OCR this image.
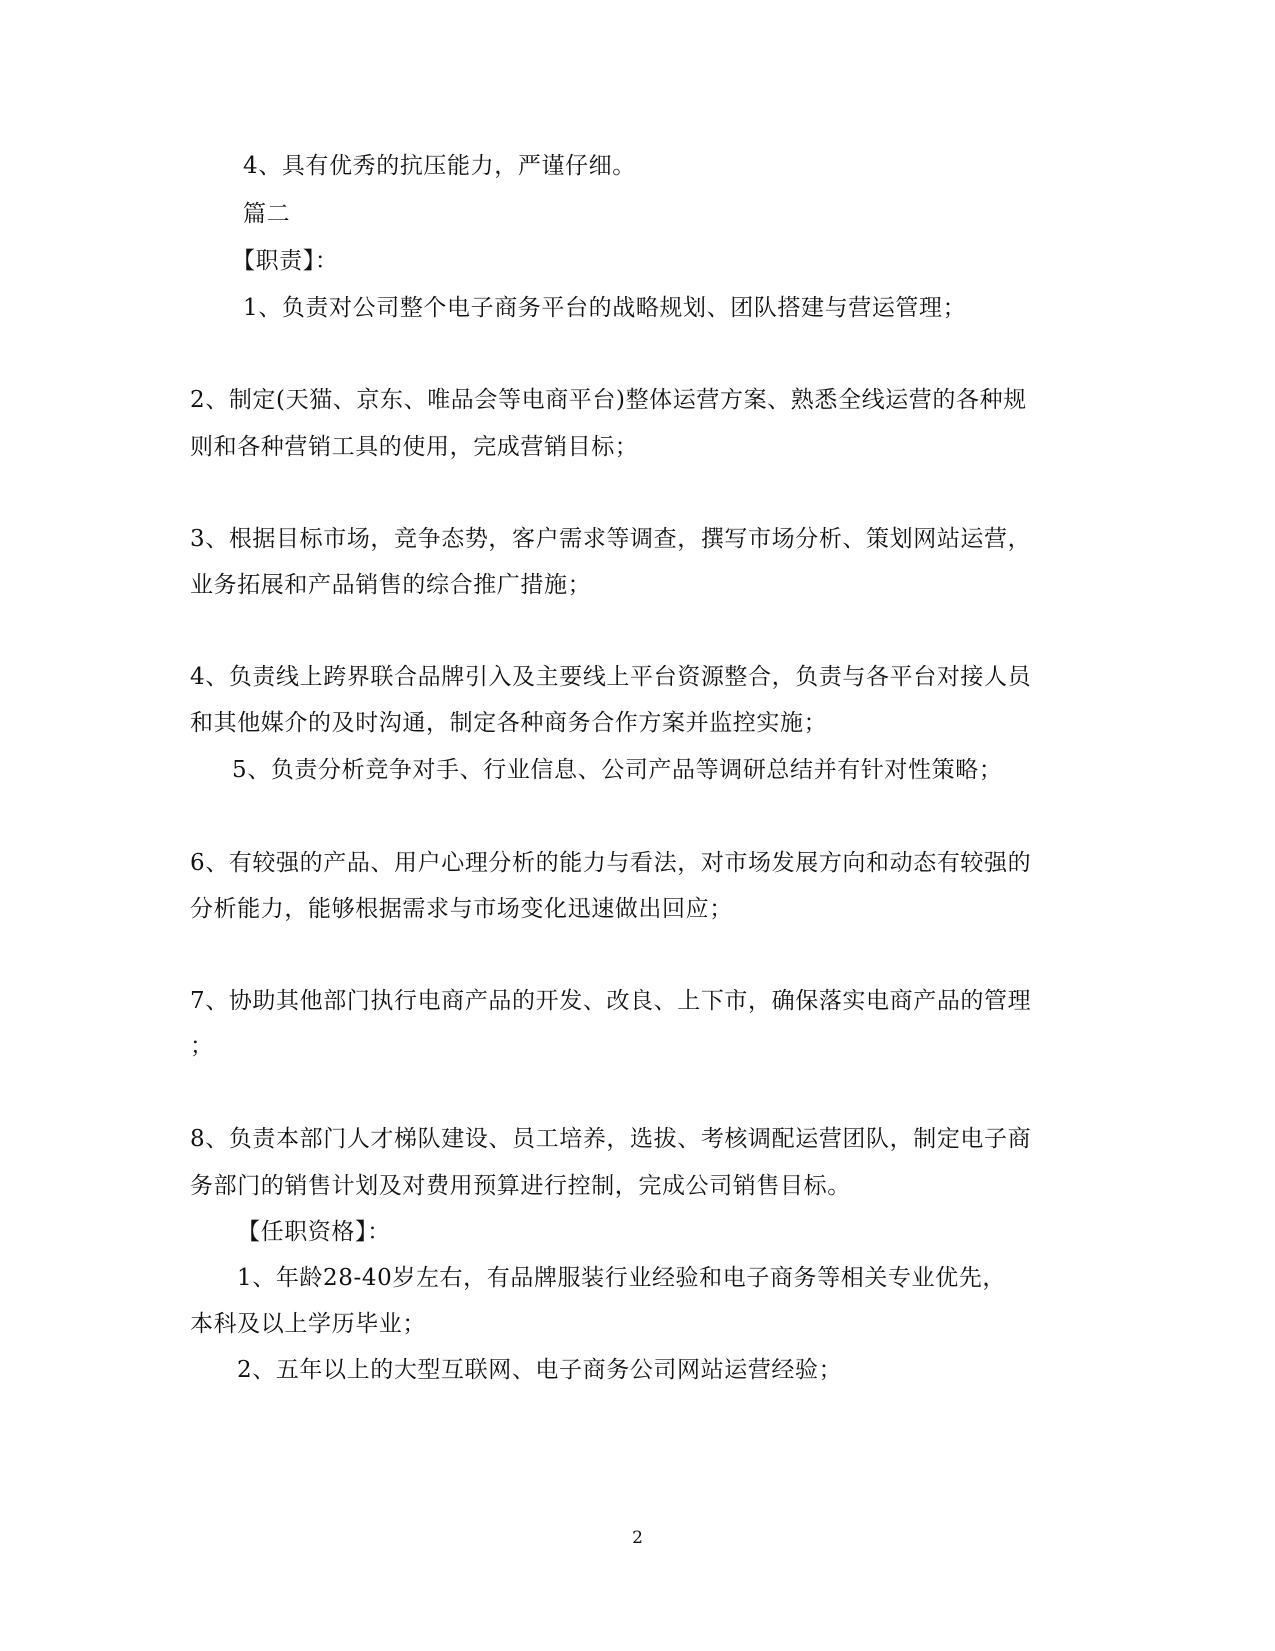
4、具有优秀的抗压能力，严谨仔细。
篇二
【职责】：
1、负责对公司整个电子商务平台的战略规划、团队搭建与营运管理；
2、制定(天猫、京东、唯品会等电商平台)整体运营方案、熟悉全线运营的各种规
则和各种营销工具的使用，完成营销目标；
3、根据目标市场，竞争态势，客户需求等调查，撰写市场分析、策划网站运营，
业务拓展和产品销售的综合推广措施；
4、负责线上跨界联合品牌引入及主要线上平台资源整合，负责与各平台对接人员
和其他媒介的及时沟通，制定各种商务合作方案并监控实施；
5、负责分析竞争对手、行业信息、公司产品等调研总结并有针对性策略；
6、有较强的产品、用户心理分析的能力与看法，对市场发展方向和动态有较强的
分析能力，能够根据需求与市场变化迅速做出回应；
7、协助其他部门执行电商产品的开发、改良、上下市，确保落实电商产品的管理
；
8、负责本部门人才梯队建设、员工培养，选拔、考核调配运营团队，制定电子商
务部门的销售计划及对费用预算进行控制，完成公司销售目标。
【任职资格】：
1、年龄28-40岁左右，有品牌服装行业经验和电子商务等相关专业优先，
本科及以上学历毕业；
2、五年以上的大型互联网、电子商务公司网站运营经验；
2
